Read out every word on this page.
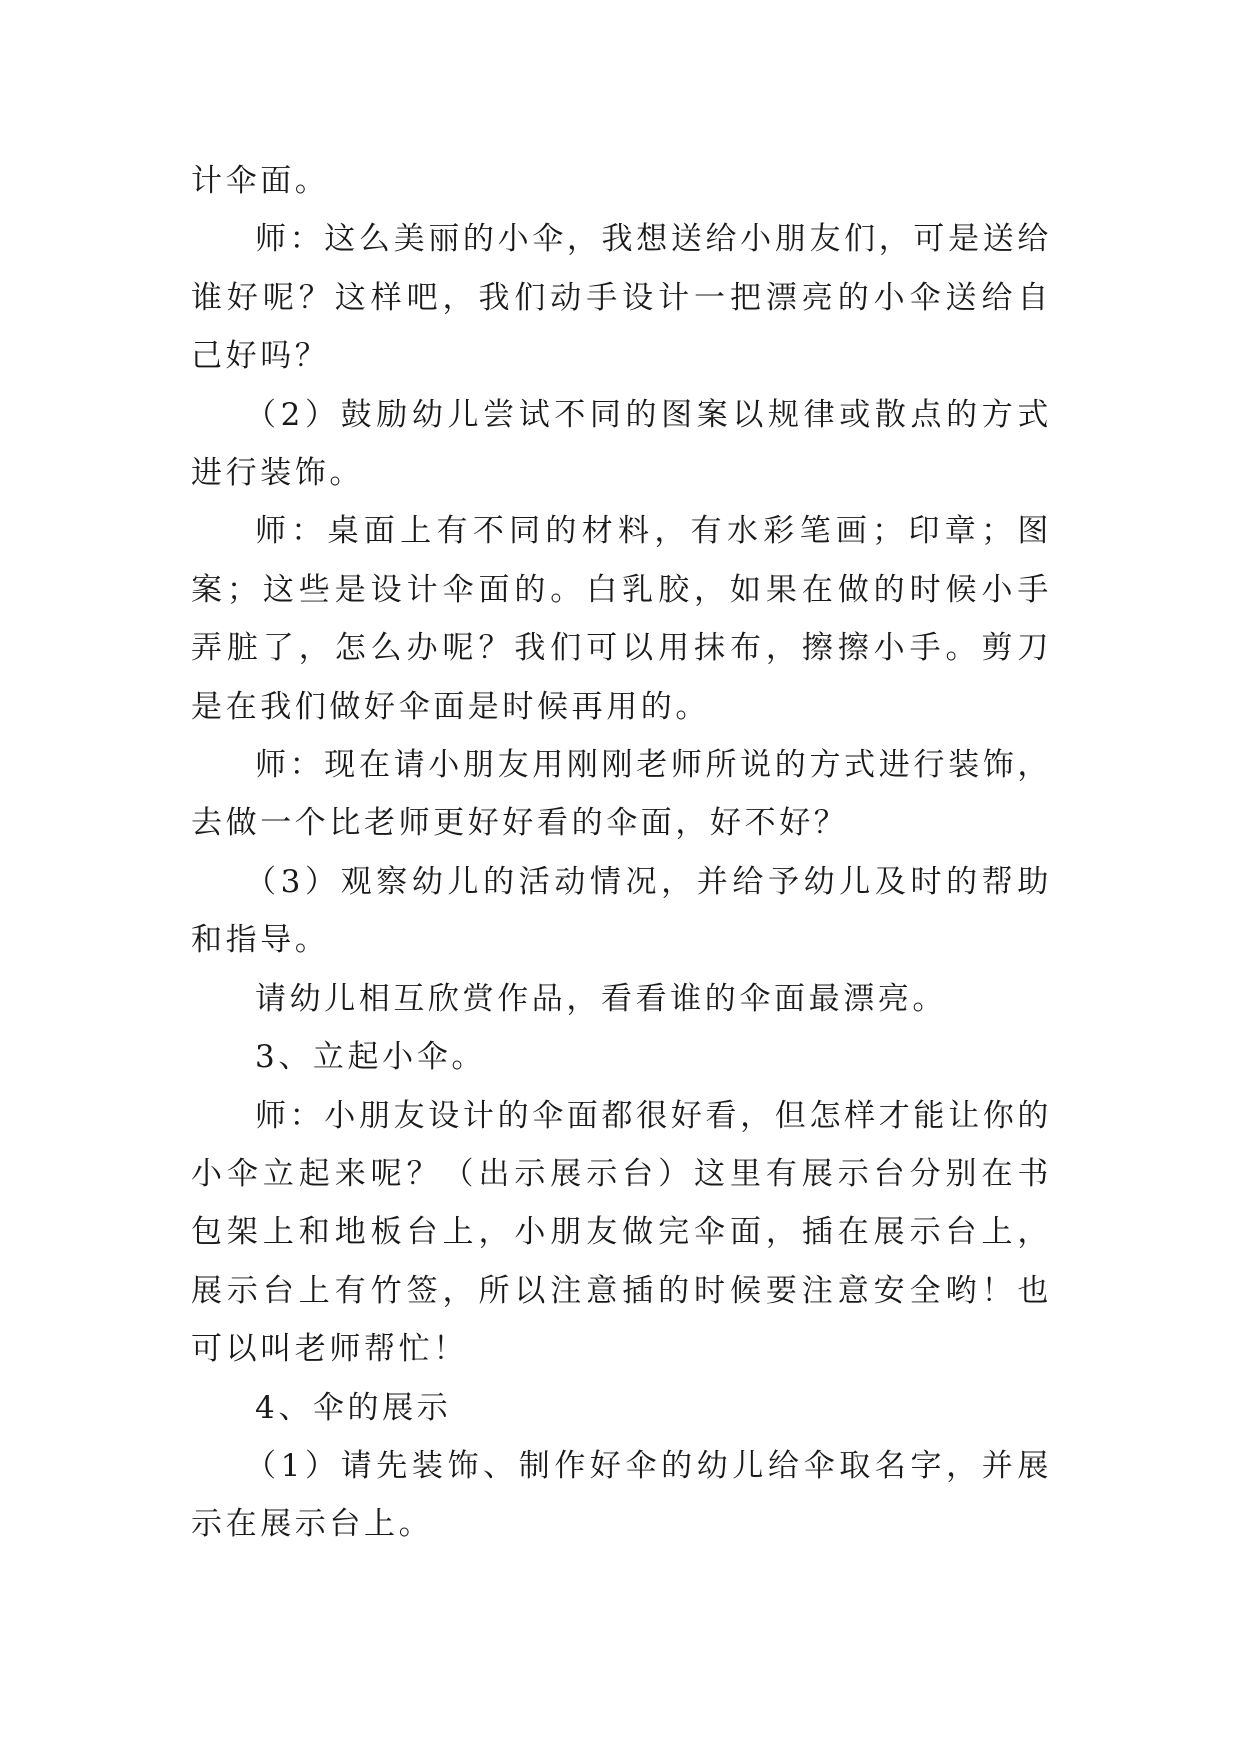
计伞面。

师：这么美丽的小伞，我想送给小朋友们，可是送给谁好呢？这样吧，我们动手设计一把漂亮的小伞送给自己好吗？

（2）鼓励幼儿尝试不同的图案以规律或散点的方式进行装饰。

师：桌面上有不同的材料，有水彩笔画；印章；图案；这些是设计伞面的。白乳胶，如果在做的时候小手弄脏了，怎么办呢？我们可以用抹布，擦擦小手。剪刀是在我们做好伞面是时候再用的。

师：现在请小朋友用刚刚老师所说的方式进行装饰，去做一个比老师更好好看的伞面，好不好？

（3）观察幼儿的活动情况，并给予幼儿及时的帮助和指导。

请幼儿相互欣赏作品，看看谁的伞面最漂亮。

3、立起小伞。

师：小朋友设计的伞面都很好看，但怎样才能让你的小伞立起来呢？（出示展示台）这里有展示台分别在书包架上和地板台上，小朋友做完伞面，插在展示台上，展示台上有竹签，所以注意插的时候要注意安全哟！也可以叫老师帮忙！

4、伞的展示

（1）请先装饰、制作好伞的幼儿给伞取名字，并展示在展示台上。
